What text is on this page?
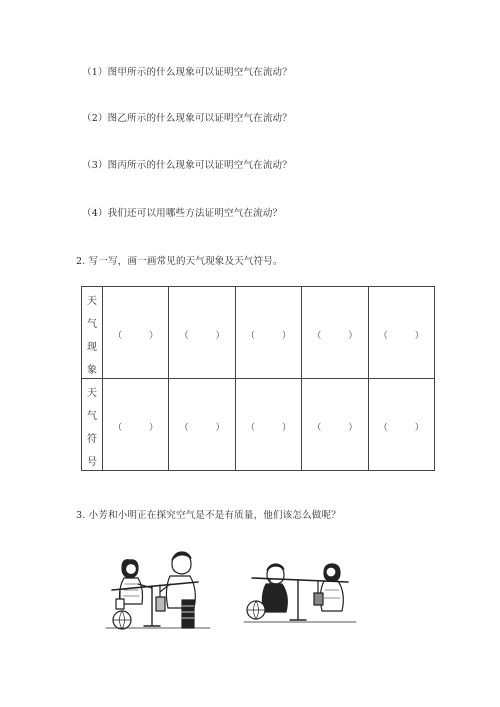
（1）图甲所示的什么现象可以证明空气在流动？
（2）图乙所示的什么现象可以证明空气在流动？
（3）图丙所示的什么现象可以证明空气在流动？
（4）我们还可以用哪些方法证明空气在流动？
2. 写一写，画一画常见的天气现象及天气符号。
天
气
现
象	（　　　）	（　　　）	（　　　）	（　　　）	（　　　）

天
气
符
号	（　　　）	（　　　）	（　　　）	（　　　）	（　　　）
3. 小芳和小明正在探究空气是不是有质量，他们该怎么做呢？
